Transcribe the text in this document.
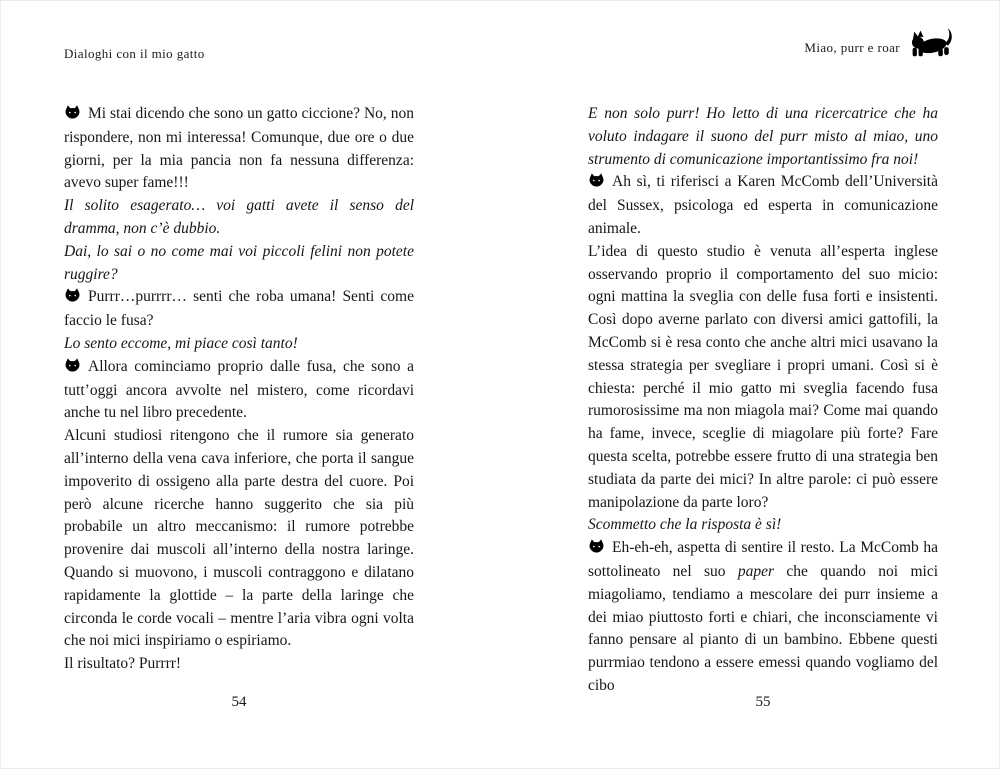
Dialoghi con il mio gatto	Miao, purr e roar

Mi stai dicendo che sono un gatto ciccione? No, non rispondere, non mi interessa! Comunque, due ore o due giorni, per la mia pancia non fa nessuna differenza: avevo super fame!!!

Il solito esagerato… voi gatti avete il senso del dramma, non c’è dubbio.

Dai, lo sai o no come mai voi piccoli felini non potete ruggire?

Purrr…purrrr… senti che roba umana! Senti come faccio le fusa?

Lo sento eccome, mi piace così tanto!

Allora cominciamo proprio dalle fusa, che sono a tutt’oggi ancora avvolte nel mistero, come ricordavi anche tu nel libro precedente.

Alcuni studiosi ritengono che il rumore sia generato all’interno della vena cava inferiore, che porta il sangue impoverito di ossigeno alla parte destra del cuore. Poi però alcune ricerche hanno suggerito che sia più probabile un altro meccanismo: il rumore potrebbe provenire dai muscoli all’interno della nostra laringe. Quando si muovono, i muscoli contraggono e dilatano rapidamente la glottide – la parte della laringe che circonda le corde vocali – mentre l’aria vibra ogni volta che noi mici inspiriamo o espiriamo.

Il risultato? Purrrr!

E non solo purr! Ho letto di una ricercatrice che ha voluto indagare il suono del purr misto al miao, uno strumento di comunicazione importantissimo fra noi!

Ah sì, ti riferisci a Karen McComb dell’Università del Sussex, psicologa ed esperta in comunicazione animale.

L’idea di questo studio è venuta all’esperta inglese osservando proprio il comportamento del suo micio: ogni mattina la sveglia con delle fusa forti e insistenti. Così dopo averne parlato con diversi amici gattofili, la McComb si è resa conto che anche altri mici usavano la stessa strategia per svegliare i propri umani. Così si è chiesta: perché il mio gatto mi sveglia facendo fusa rumorosissime ma non miagola mai? Come mai quando ha fame, invece, sceglie di miagolare più forte? Fare questa scelta, potrebbe essere frutto di una strategia ben studiata da parte dei mici? In altre parole: ci può essere manipolazione da parte loro?

Scommetto che la risposta è sì!

Eh-eh-eh, aspetta di sentire il resto. La McComb ha sottolineato nel suo paper che quando noi mici miagoliamo, tendiamo a mescolare dei purr insieme a dei miao piuttosto forti e chiari, che inconsciamente vi fanno pensare al pianto di un bambino. Ebbene questi purrmiao tendono a essere emessi quando vogliamo del cibo

54	55
